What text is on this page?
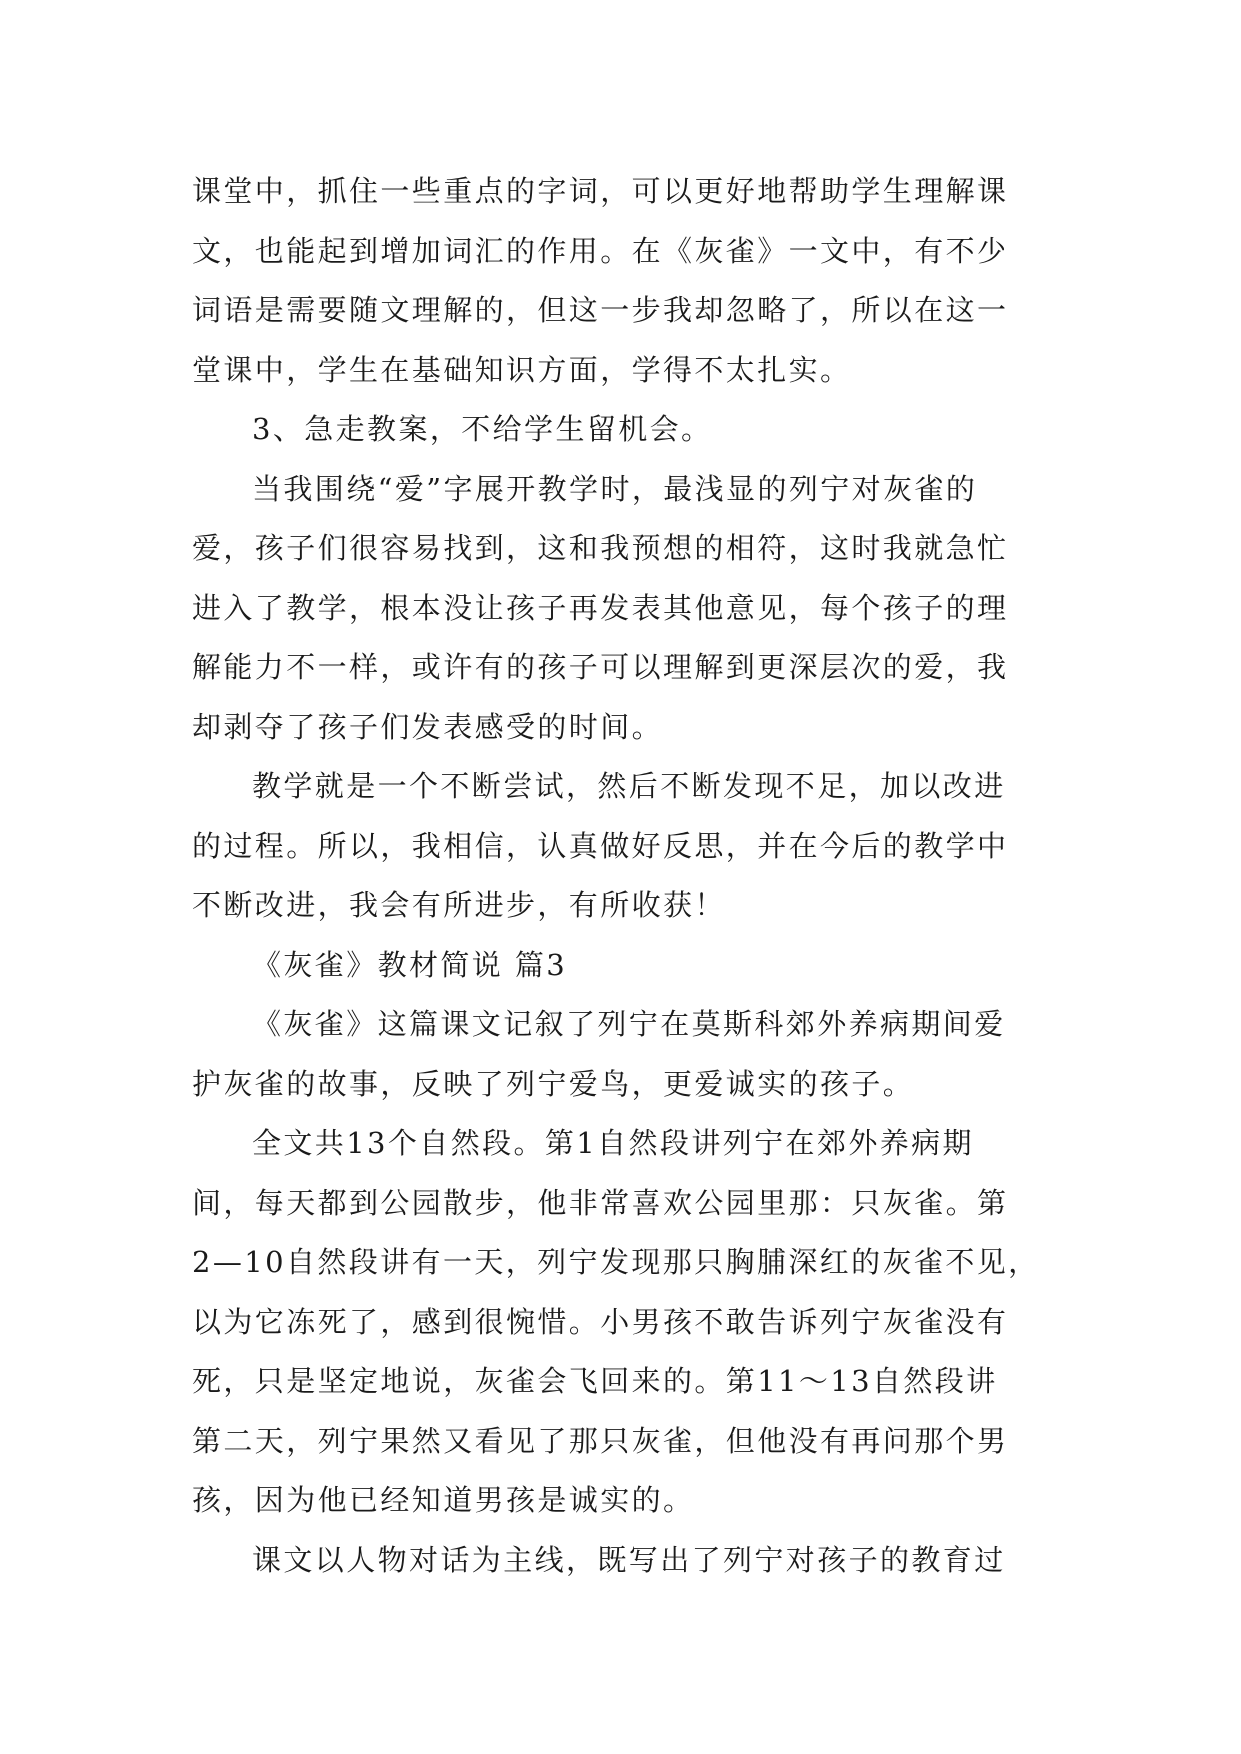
课堂中，抓住一些重点的字词，可以更好地帮助学生理解课
文，也能起到增加词汇的作用。在《灰雀》一文中，有不少
词语是需要随文理解的，但这一步我却忽略了，所以在这一
堂课中，学生在基础知识方面，学得不太扎实。
3、急走教案，不给学生留机会。
当我围绕“爱”字展开教学时，最浅显的列宁对灰雀的
爱，孩子们很容易找到，这和我预想的相符，这时我就急忙
进入了教学，根本没让孩子再发表其他意见，每个孩子的理
解能力不一样，或许有的孩子可以理解到更深层次的爱，我
却剥夺了孩子们发表感受的时间。
教学就是一个不断尝试，然后不断发现不足，加以改进
的过程。所以，我相信，认真做好反思，并在今后的教学中
不断改进，我会有所进步，有所收获！
《灰雀》教材简说 篇3
《灰雀》这篇课文记叙了列宁在莫斯科郊外养病期间爱
护灰雀的故事，反映了列宁爱鸟，更爱诚实的孩子。
全文共13个自然段。第1自然段讲列宁在郊外养病期
间，每天都到公园散步，他非常喜欢公园里那：只灰雀。第
2—10自然段讲有一天，列宁发现那只胸脯深红的灰雀不见，
以为它冻死了，感到很惋惜。小男孩不敢告诉列宁灰雀没有
死，只是坚定地说，灰雀会飞回来的。第11～13自然段讲
第二天，列宁果然又看见了那只灰雀，但他没有再问那个男
孩，因为他已经知道男孩是诚实的。
课文以人物对话为主线，既写出了列宁对孩子的教育过
